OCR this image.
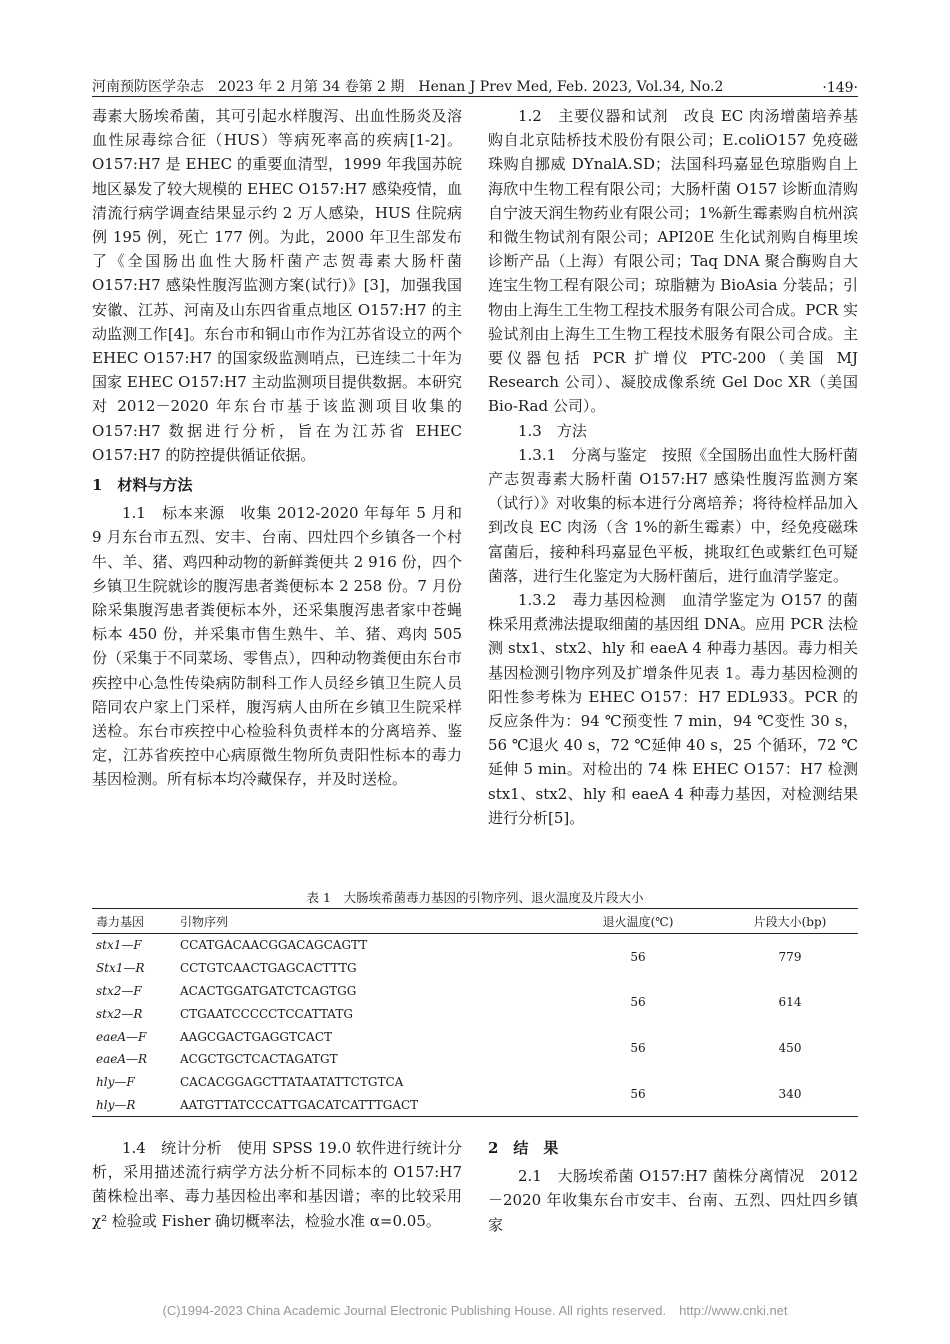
河南预防医学杂志　2023 年 2 月第 34 卷第 2 期　Henan J Prev Med, Feb. 2023, Vol.34, No.2	·149·

毒素大肠埃希菌，其可引起水样腹泻、出血性肠炎及溶血性尿毒综合征（HUS）等病死率高的疾病[1-2]。O157:H7 是 EHEC 的重要血清型，1999 年我国苏皖地区暴发了较大规模的 EHEC O157:H7 感染疫情，血清流行病学调查结果显示约 2 万人感染，HUS 住院病例 195 例，死亡 177 例。为此，2000 年卫生部发布了《全国肠出血性大肠杆菌产志贺毒素大肠杆菌O157:H7 感染性腹泻监测方案(试行)》[3]，加强我国安徽、江苏、河南及山东四省重点地区 O157:H7 的主动监测工作[4]。东台市和铜山市作为江苏省设立的两个EHEC O157:H7 的国家级监测哨点，已连续二十年为国家 EHEC O157:H7 主动监测项目提供数据。本研究对 2012－2020 年东台市基于该监测项目收集的O157:H7 数据进行分析，旨在为江苏省 EHEC O157:H7 的防控提供循证依据。

1　材料与方法

1.1　标本来源　 收集 2012-2020 年每年 5 月和 9 月东台市五烈、安丰、台南、四灶四个乡镇各一个村牛、羊、猪、鸡四种动物的新鲜粪便共 2 916 份，四个乡镇卫生院就诊的腹泻患者粪便标本 2 258 份。7 月份除采集腹泻患者粪便标本外，还采集腹泻患者家中苍蝇标本 450 份，并采集市售生熟牛、羊、猪、鸡肉 505 份（采集于不同菜场、零售点），四种动物粪便由东台市疾控中心急性传染病防制科工作人员经乡镇卫生院人员陪同农户家上门采样，腹泻病人由所在乡镇卫生院采样送检。东台市疾控中心检验科负责样本的分离培养、鉴定，江苏省疾控中心病原微生物所负责阳性标本的毒力基因检测。所有标本均冷藏保存，并及时送检。

1.2　主要仪器和试剂　 改良 EC 肉汤增菌培养基购自北京陆桥技术股份有限公司；E.coliO157 免疫磁珠购自挪威 DYnalA.SD；法国科玛嘉显色琼脂购自上海欣中生物工程有限公司；大肠杆菌 O157 诊断血清购自宁波天润生物药业有限公司；1%新生霉素购自杭州滨和微生物试剂有限公司；API20E 生化试剂购自梅里埃诊断产品（上海）有限公司；Taq DNA 聚合酶购自大连宝生物工程有限公司；琼脂糖为 BioAsia 分装品；引物由上海生工生物工程技术服务有限公司合成。PCR 实验试剂由上海生工生物工程技术服务有限公司合成。主要仪器包括 PCR 扩增仪 PTC-200（美国 MJ Research 公司）、凝胶成像系统 Gel Doc XR（美国 Bio-Rad 公司）。

1.3　方法

1.3.1　分离与鉴定　 按照《全国肠出血性大肠杆菌产志贺毒素大肠杆菌 O157:H7 感染性腹泻监测方案（试行）》对收集的标本进行分离培养；将待检样品加入到改良 EC 肉汤（含 1%的新生霉素）中，经免疫磁珠富菌后，接种科玛嘉显色平板，挑取红色或紫红色可疑菌落，进行生化鉴定为大肠杆菌后，进行血清学鉴定。

1.3.2　毒力基因检测　 血清学鉴定为 O157 的菌株采用煮沸法提取细菌的基因组 DNA。应用 PCR 法检测 stx1、stx2、hly 和 eaeA 4 种毒力基因。毒力相关基因检测引物序列及扩增条件见表 1。毒力基因检测的阳性参考株为 EHEC O157：H7 EDL933。PCR 的反应条件为：94 ℃预变性 7 min，94 ℃变性 30 s，56 ℃退火 40 s，72 ℃延伸 40 s，25 个循环，72 ℃延伸 5 min。对检出的 74 株 EHEC O157：H7 检测 stx1、stx2、hly 和 eaeA 4 种毒力基因，对检测结果进行分析[5]。

表 1　大肠埃希菌毒力基因的引物序列、退火温度及片段大小
毒力基因	引物序列	退火温度(℃)	片段大小(bp)
stx1—F	CCATGACAACGGACAGCAGTT	56	779
Stx1—R	CCTGTCAACTGAGCACTTTG		
stx2—F	ACACTGGATGATCTCAGTGG	56	614
stx2—R	CTGAATCCCCCTCCATTATG		
eaeA—F	AAGCGACTGAGGTCACT	56	450
eaeA—R	ACGCTGCTCACTAGATGT		
hly—F	CACACGGAGCTTATAATATTCTGTCA	56	340
hly—R	AATGTTATCCCATTGACATCATTTGACT		

1.4　统计分析　 使用 SPSS 19.0 软件进行统计分析，采用描述流行病学方法分析不同标本的 O157:H7 菌株检出率、毒力基因检出率和基因谱；率的比较采用 χ² 检验或 Fisher 确切概率法，检验水准 α=0.05。

2　结　果

2.1　大肠埃希菌 O157:H7 菌株分离情况　 2012－2020 年收集东台市安丰、台南、五烈、四灶四乡镇家

(C)1994-2023 China Academic Journal Electronic Publishing House. All rights reserved.　http://www.cnki.net
